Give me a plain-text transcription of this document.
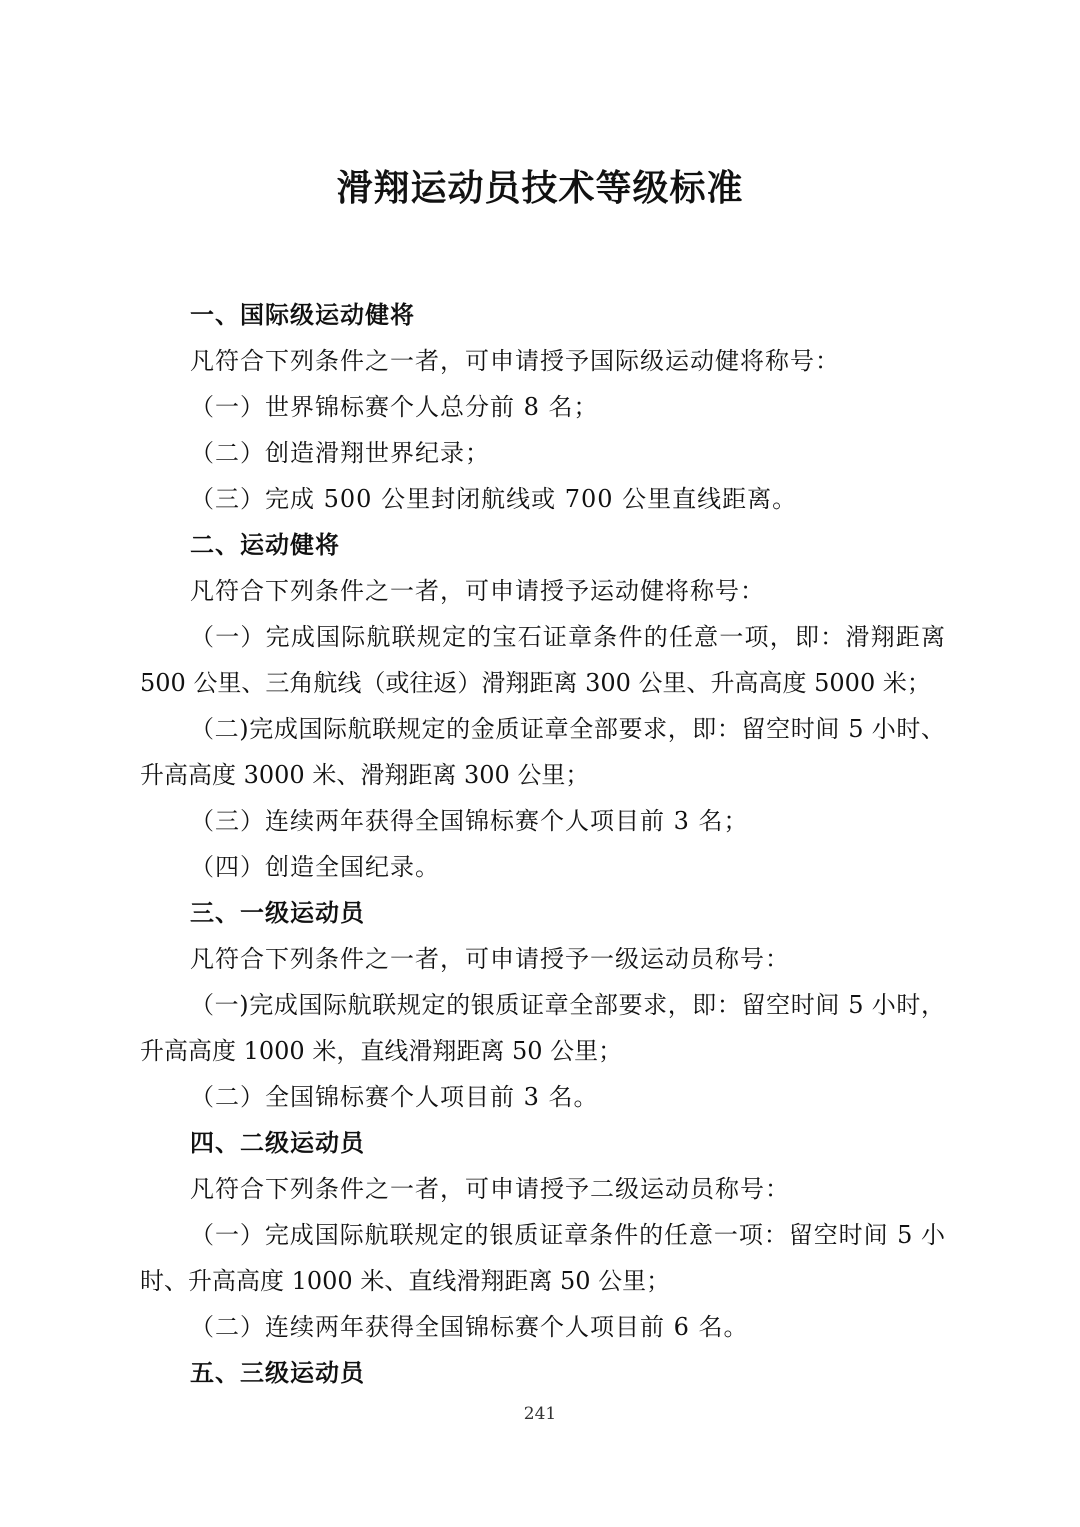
滑翔运动员技术等级标准

一、国际级运动健将

凡符合下列条件之一者，可申请授予国际级运动健将称号：

（一）世界锦标赛个人总分前 8 名；

（二）创造滑翔世界纪录；

（三）完成 500 公里封闭航线或 700 公里直线距离。

二、运动健将

凡符合下列条件之一者，可申请授予运动健将称号：

（一）完成国际航联规定的宝石证章条件的任意一项，即：滑翔距离 500 公里、三角航线（或往返）滑翔距离 300 公里、升高高度 5000 米；

（二)完成国际航联规定的金质证章全部要求，即：留空时间 5 小时、升高高度 3000 米、滑翔距离 300 公里；

（三）连续两年获得全国锦标赛个人项目前 3 名；

（四）创造全国纪录。

三、一级运动员

凡符合下列条件之一者，可申请授予一级运动员称号：

（一)完成国际航联规定的银质证章全部要求，即：留空时间 5 小时，升高高度 1000 米，直线滑翔距离 50 公里；

（二）全国锦标赛个人项目前 3 名。

四、二级运动员

凡符合下列条件之一者，可申请授予二级运动员称号：

（一）完成国际航联规定的银质证章条件的任意一项：留空时间 5 小时、升高高度 1000 米、直线滑翔距离 50 公里；

（二）连续两年获得全国锦标赛个人项目前 6 名。

五、三级运动员

241
